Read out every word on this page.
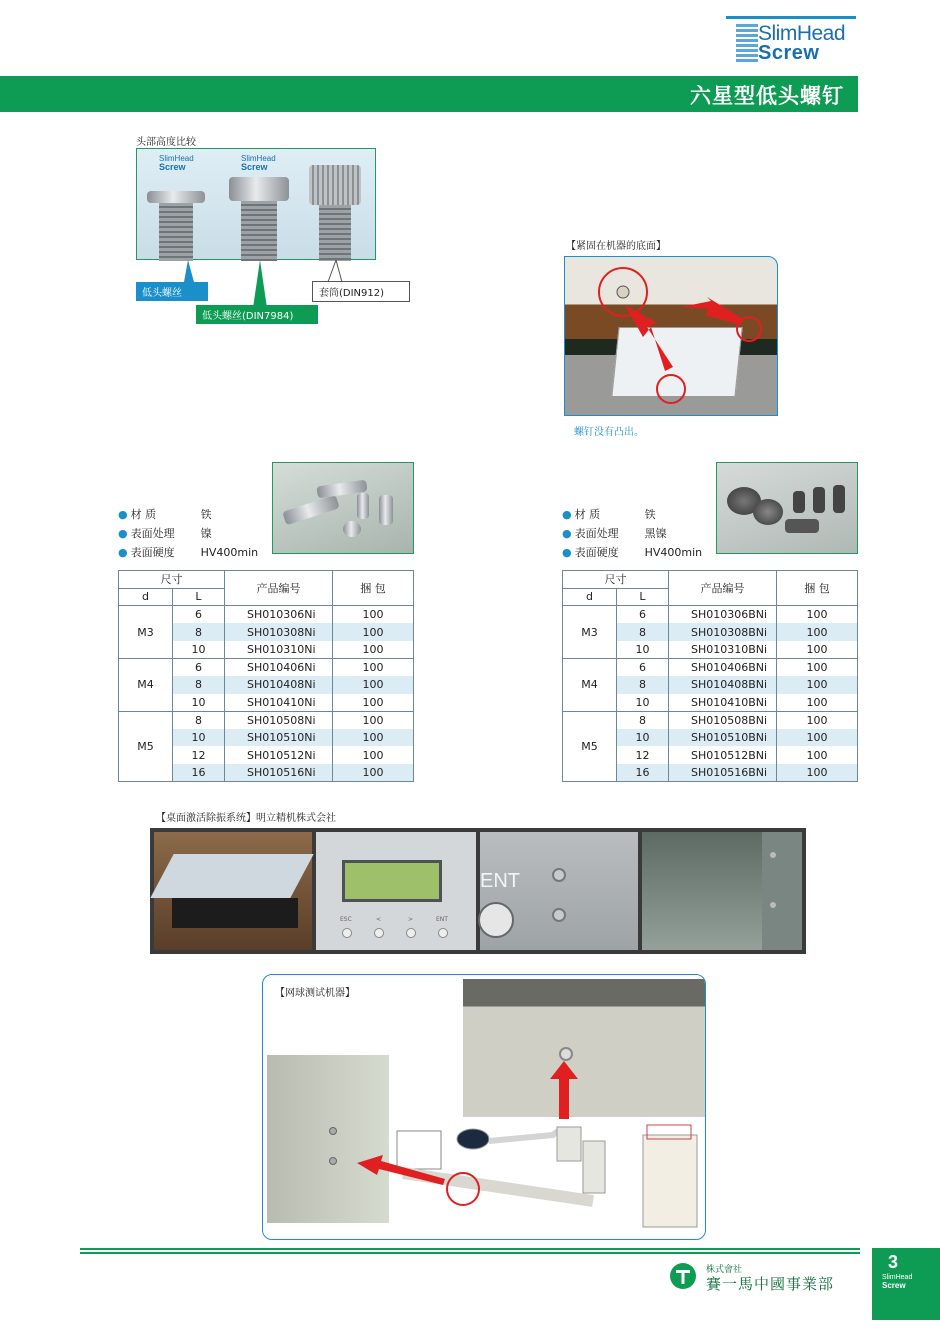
SlimHead
Screw
六星型低头螺钉
头部高度比较
SlimHead
Screw
SlimHead
Screw
低头螺丝	套筒(DIN912)
低头螺丝(DIN7984)
【紧固在机器的底面】
螺钉没有凸出。
● 材 质	铁
● 表面处理	镍
● 表面硬度	HV400min
尺寸		产品编号	捆 包
d	L		
M3	6	SH010306Ni	100
	8	SH010308Ni	100
	10	SH010310Ni	100
M4	6	SH010406Ni	100
	8	SH010408Ni	100
	10	SH010410Ni	100
M5	8	SH010508Ni	100
	10	SH010510Ni	100
	12	SH010512Ni	100
	16	SH010516Ni	100
● 材 质	铁
● 表面处理	黑镍
● 表面硬度	HV400min
尺寸		产品编号	捆 包
d	L		
M3	6	SH010306BNi	100
	8	SH010308BNi	100
	10	SH010310BNi	100
M4	6	SH010406BNi	100
	8	SH010408BNi	100
	10	SH010410BNi	100
M5	8	SH010508BNi	100
	10	SH010510BNi	100
	12	SH010512BNi	100
	16	SH010516BNi	100
【桌面激活除振系统】明立精机株式会社
ESC	<	>	ENT
ENT
【网球测试机器】
3
SlimHead
Screw
株式會社
賽一馬中國事業部
